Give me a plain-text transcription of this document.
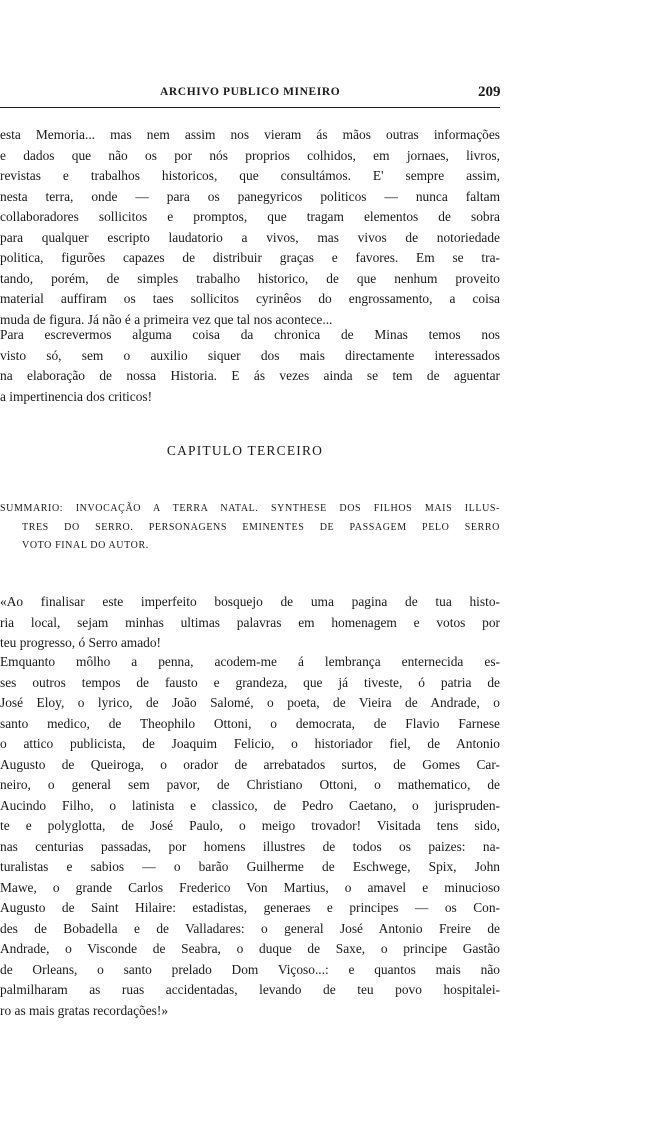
ARCHIVO PUBLICO MINEIRO	209
esta Memoria... mas nem assim nos vieram ás mãos outras informações
e dados que não os por nós proprios colhidos, em jornaes, livros,
revistas e trabalhos historicos, que consultámos. E' sempre assim,
nesta terra, onde — para os panegyricos politicos — nunca faltam
collaboradores sollicitos e promptos, que tragam elementos de sobra
para qualquer escripto laudatorio a vivos, mas vivos de notoriedade
politica, figurões capazes de distribuir graças e favores. Em se tra-
tando, porém, de simples trabalho historico, de que nenhum proveito
material auffiram os taes sollicitos cyrinêos do engrossamento, a coisa
muda de figura. Já não é a primeira vez que tal nos acontece...
Para escrevermos alguma coisa da chronica de Minas temos nos
visto só, sem o auxilio siquer dos mais directamente interessados
na elaboração de nossa Historia. E ás vezes ainda se tem de aguentar
a impertinencia dos criticos!
CAPITULO TERCEIRO
SUMMARIO: INVOCAÇÃO A TERRA NATAL. SYNTHESE DOS FILHOS MAIS ILLUS-
TRES DO SERRO. PERSONAGENS EMINENTES DE PASSAGEM PELO SERRO
VOTO FINAL DO AUTOR.
«Ao finalisar este imperfeito bosquejo de uma pagina de tua histo-
ria local, sejam minhas ultimas palavras em homenagem e votos por
teu progresso, ó Serro amado!
Emquanto môlho a penna, acodem-me á lembrança enternecida es-
ses outros tempos de fausto e grandeza, que já tiveste, ó patria de
José Eloy, o lyrico, de João Salomé, o poeta, de Vieira de Andrade, o
santo medico, de Theophilo Ottoni, o democrata, de Flavio Farnese
o attico publicista, de Joaquim Felicio, o historiador fiel, de Antonio
Augusto de Queiroga, o orador de arrebatados surtos, de Gomes Car-
neiro, o general sem pavor, de Christiano Ottoni, o mathematico, de
Aucindo Filho, o latinista e classico, de Pedro Caetano, o jurispruden-
te e polyglotta, de José Paulo, o meigo trovador! Visitada tens sido,
nas centurias passadas, por homens illustres de todos os paizes: na-
turalistas e sabios — o barão Guilherme de Eschwege, Spix, John
Mawe, o grande Carlos Frederico Von Martius, o amavel e minucioso
Augusto de Saint Hilaire: estadistas, generaes e principes — os Con-
des de Bobadella e de Valladares: o general José Antonio Freire de
Andrade, o Visconde de Seabra, o duque de Saxe, o principe Gastão
de Orleans, o santo prelado Dom Viçoso...: e quantos mais não
palmilharam as ruas accidentadas, levando de teu povo hospitalei-
ro as mais gratas recordações!»
